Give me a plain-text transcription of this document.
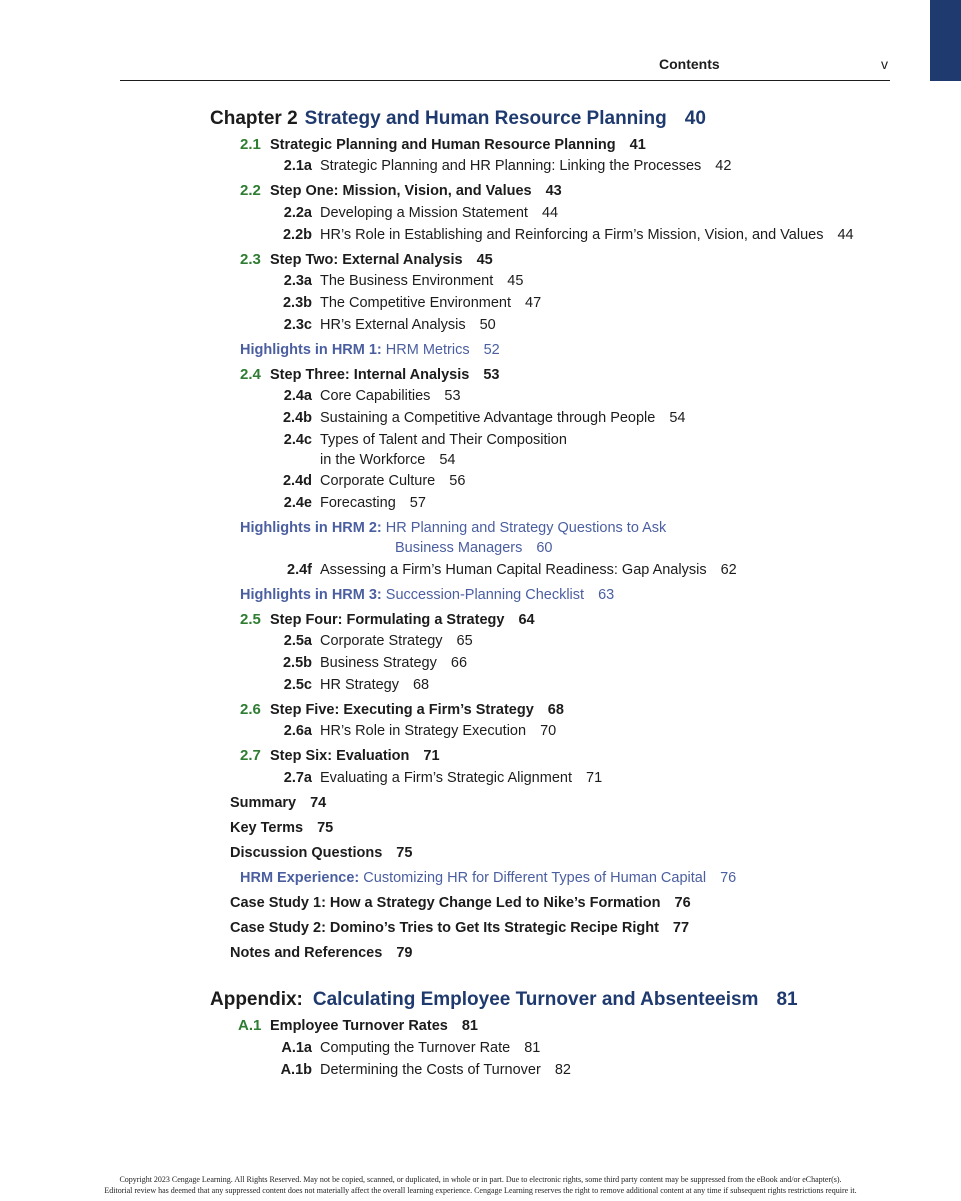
Contents	v
Chapter 2 Strategy and Human Resource Planning 40
2.1 Strategic Planning and Human Resource Planning 41
2.1a Strategic Planning and HR Planning: Linking the Processes 42
2.2 Step One: Mission, Vision, and Values 43
2.2a Developing a Mission Statement 44
2.2b HR’s Role in Establishing and Reinforcing a Firm’s Mission, Vision, and Values 44
2.3 Step Two: External Analysis 45
2.3a The Business Environment 45
2.3b The Competitive Environment 47
2.3c HR’s External Analysis 50
Highlights in HRM 1: HRM Metrics 52
2.4 Step Three: Internal Analysis 53
2.4a Core Capabilities 53
2.4b Sustaining a Competitive Advantage through People 54
2.4c Types of Talent and Their Composition
in the Workforce 54
2.4d Corporate Culture 56
2.4e Forecasting 57
Highlights in HRM 2: HR Planning and Strategy Questions to Ask
Business Managers 60
2.4f Assessing a Firm’s Human Capital Readiness: Gap Analysis 62
Highlights in HRM 3: Succession-Planning Checklist 63
2.5 Step Four: Formulating a Strategy 64
2.5a Corporate Strategy 65
2.5b Business Strategy 66
2.5c HR Strategy 68
2.6 Step Five: Executing a Firm’s Strategy 68
2.6a HR’s Role in Strategy Execution 70
2.7 Step Six: Evaluation 71
2.7a Evaluating a Firm’s Strategic Alignment 71
Summary 74
Key Terms 75
Discussion Questions 75
HRM Experience: Customizing HR for Different Types of Human Capital 76
Case Study 1: How a Strategy Change Led to Nike’s Formation 76
Case Study 2: Domino’s Tries to Get Its Strategic Recipe Right 77
Notes and References 79
Appendix: Calculating Employee Turnover and Absenteeism 81
A.1 Employee Turnover Rates 81
A.1a Computing the Turnover Rate 81
A.1b Determining the Costs of Turnover 82
Copyright 2023 Cengage Learning. All Rights Reserved. May not be copied, scanned, or duplicated, in whole or in part. Due to electronic rights, some third party content may be suppressed from the eBook and/or eChapter(s).
Editorial review has deemed that any suppressed content does not materially affect the overall learning experience. Cengage Learning reserves the right to remove additional content at any time if subsequent rights restrictions require it.
